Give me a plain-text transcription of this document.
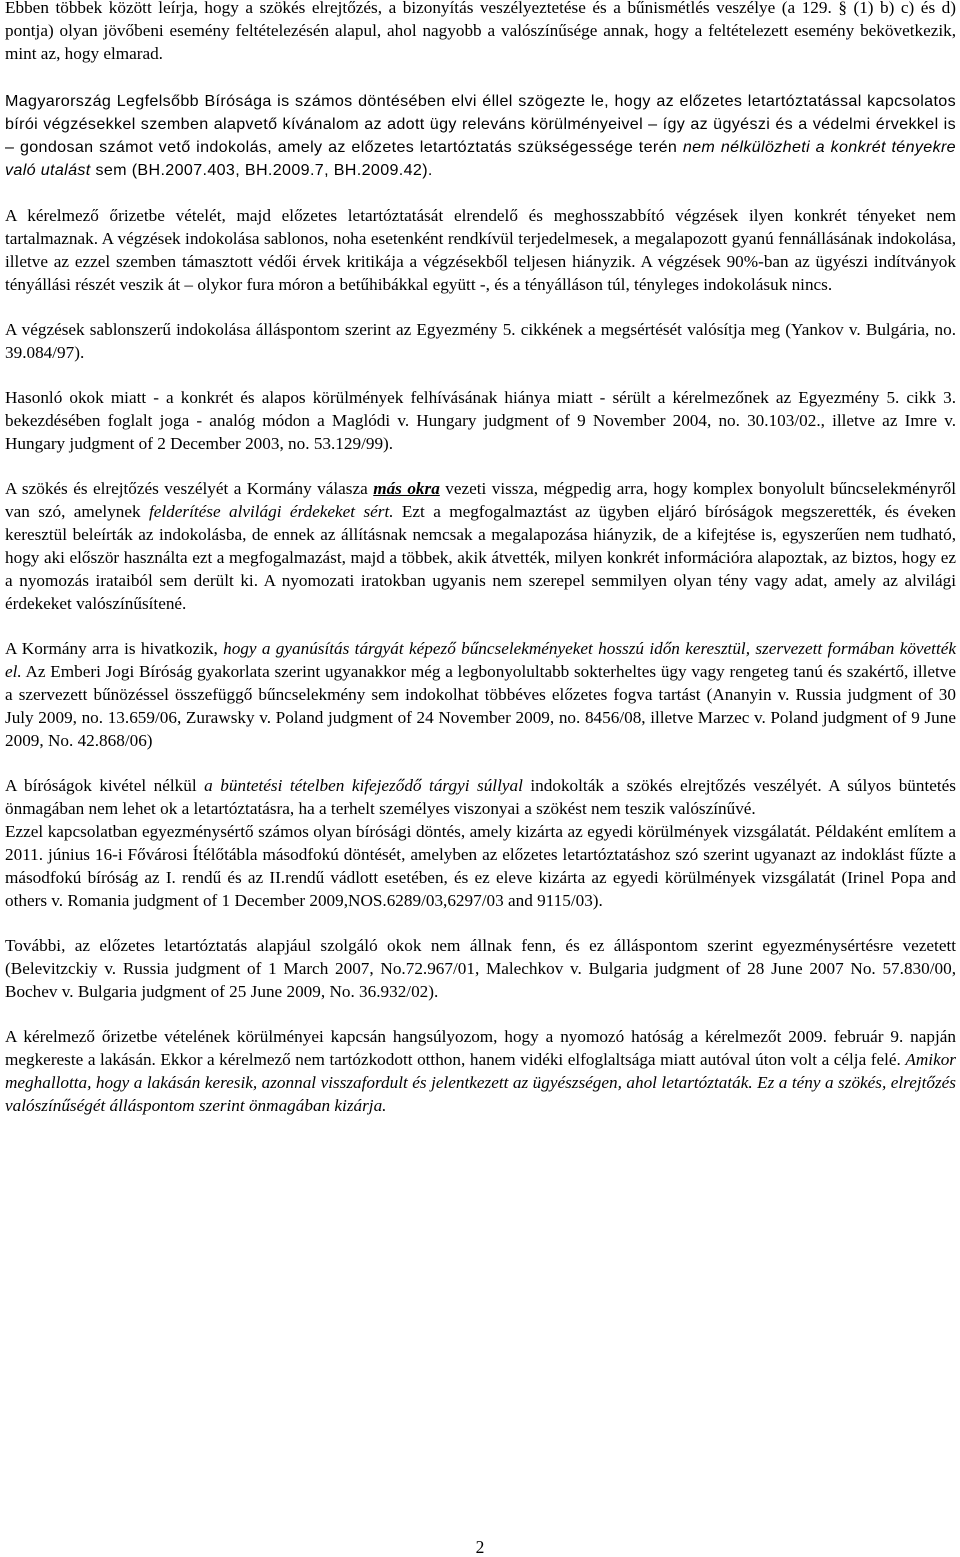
Ebben többek között leírja, hogy a szökés elrejtőzés, a bizonyítás veszélyeztetése és a bűnismétlés veszélye (a 129. § (1) b) c) és d) pontja) olyan jövőbeni esemény feltételezésén alapul, ahol nagyobb a valószínűsége annak, hogy a feltételezett esemény bekövetkezik, mint az, hogy elmarad.

Magyarország Legfelsőbb Bírósága is számos döntésében elvi éllel szögezte le, hogy az előzetes letartóztatással kapcsolatos bírói végzésekkel szemben alapvető kívánalom az adott ügy releváns körülményeivel – így az ügyészi és a védelmi érvekkel is – gondosan számot vető indokolás, amely az előzetes letartóztatás szükségessége terén nem nélkülözheti a konkrét tényekre való utalást sem (BH.2007.403, BH.2009.7, BH.2009.42).

A kérelmező őrizetbe vételét, majd előzetes letartóztatását elrendelő és meghosszabbító végzések ilyen konkrét tényeket nem tartalmaznak. A végzések indokolása sablonos, noha esetenként rendkívül terjedelmesek, a megalapozott gyanú fennállásának indokolása, illetve az ezzel szemben támasztott védői érvek kritikája a végzésekből teljesen hiányzik. A végzések 90%-ban az ügyészi indítványok tényállási részét veszik át – olykor fura móron a betűhibákkal együtt -, és a tényálláson túl, tényleges indokolásuk nincs.

A végzések sablonszerű indokolása álláspontom szerint az Egyezmény 5. cikkének a megsértését valósítja meg (Yankov v. Bulgária, no. 39.084/97).

Hasonló okok miatt - a konkrét és alapos körülmények felhívásának hiánya miatt - sérült a kérelmezőnek az Egyezmény 5. cikk 3. bekezdésében foglalt joga - analóg módon a Maglódi v. Hungary judgment of 9 November 2004, no. 30.103/02., illetve az Imre v. Hungary judgment of 2 December 2003, no. 53.129/99).

A szökés és elrejtőzés veszélyét a Kormány válasza más okra vezeti vissza, mégpedig arra, hogy komplex bonyolult bűncselekményről van szó, amelynek felderítése alvilági érdekeket sért. Ezt a megfogalmaztást az ügyben eljáró bíróságok megszerették, és éveken keresztül beleírták az indokolásba, de ennek az állításnak nemcsak a megalapozása hiányzik, de a kifejtése is, egyszerűen nem tudható, hogy aki először használta ezt a megfogalmazást, majd a többek, akik átvették, milyen konkrét információra alapoztak, az biztos, hogy ez a nyomozás irataiból sem derült ki. A nyomozati iratokban ugyanis nem szerepel semmilyen olyan tény vagy adat, amely az alvilági érdekeket valószínűsítené.

A Kormány arra is hivatkozik, hogy a gyanúsítás tárgyát képező bűncselekményeket hosszú időn keresztül, szervezett formában követték el. Az Emberi Jogi Bíróság gyakorlata szerint ugyanakkor még a legbonyolultabb sokterheltes ügy vagy rengeteg tanú és szakértő, illetve a szervezett bűnözéssel összefüggő bűncselekmény sem indokolhat többéves előzetes fogva tartást (Ananyin v. Russia judgment of 30 July 2009, no. 13.659/06, Zurawsky v. Poland judgment of 24 November 2009, no. 8456/08, illetve Marzec v. Poland judgment of 9 June 2009, No. 42.868/06)

A bíróságok kivétel nélkül a büntetési tételben kifejeződő tárgyi súllyal indokolták a szökés elrejtőzés veszélyét. A súlyos büntetés önmagában nem lehet ok a letartóztatásra, ha a terhelt személyes viszonyai a szökést nem teszik valószínűvé.

Ezzel kapcsolatban egyezménysértő számos olyan bírósági döntés, amely kizárta az egyedi körülmények vizsgálatát. Példaként említem a 2011. június 16-i Fővárosi Ítélőtábla másodfokú döntését, amelyben az előzetes letartóztatáshoz szó szerint ugyanazt az indoklást fűzte a másodfokú bíróság az I. rendű és az II.rendű vádlott esetében, és ez eleve kizárta az egyedi körülmények vizsgálatát (Irinel Popa and others v. Romania judgment of 1 December 2009,NOS.6289/03,6297/03 and 9115/03).

További, az előzetes letartóztatás alapjául szolgáló okok nem állnak fenn, és ez álláspontom szerint egyezménysértésre vezetett (Belevitzckiy v. Russia judgment of 1 March 2007, No.72.967/01, Malechkov v. Bulgaria judgment of 28 June 2007 No. 57.830/00, Bochev v. Bulgaria judgment of 25 June 2009, No. 36.932/02).

A kérelmező őrizetbe vételének körülményei kapcsán hangsúlyozom, hogy a nyomozó hatóság a kérelmezőt 2009. február 9. napján megkereste a lakásán. Ekkor a kérelmező nem tartózkodott otthon, hanem vidéki elfoglaltsága miatt autóval úton volt a célja felé. Amikor meghallotta, hogy a lakásán keresik, azonnal visszafordult és jelentkezett az ügyészségen, ahol letartóztaták. Ez a tény a szökés, elrejtőzés valószínűségét álláspontom szerint önmagában kizárja.

2
